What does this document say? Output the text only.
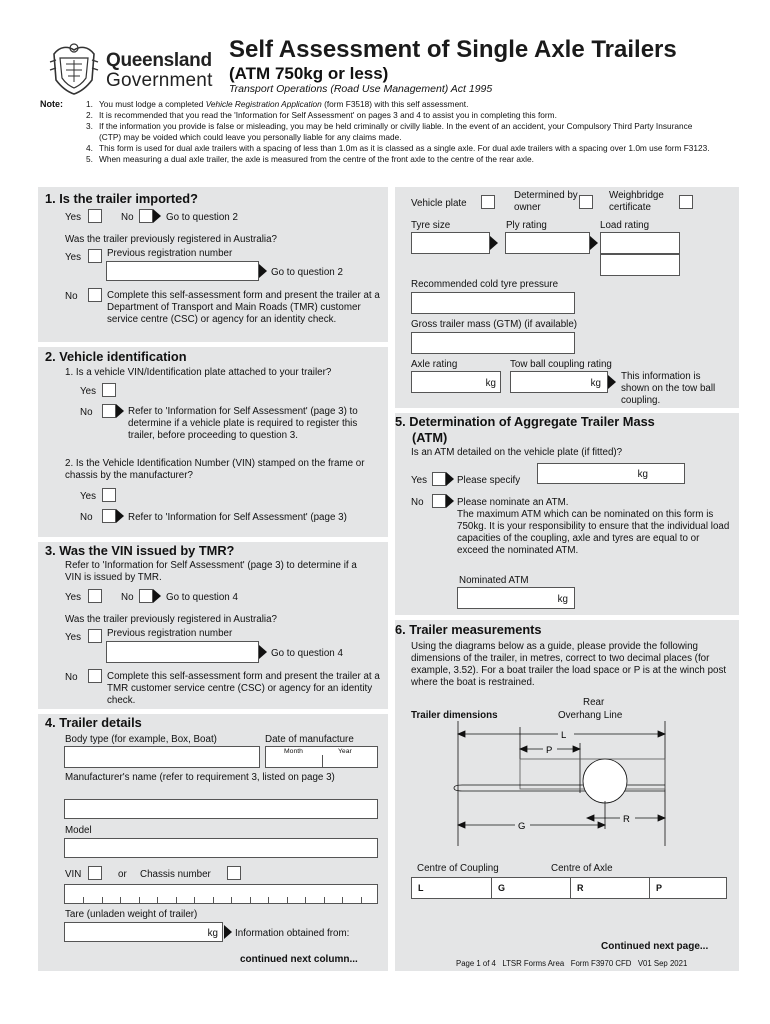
Queensland
Government
Self Assessment of Single Axle Trailers
(ATM 750kg or less)
Transport Operations (Road Use Management) Act 1995
Note:	1. You must lodge a completed Vehicle Registration Application (form F3518) with this self assessment.
2. It is recommended that you read the 'Information for Self Assessment' on pages 3 and 4 to assist you in completing this form.
3. If the information you provide is false or misleading, you may be held criminally or civilly liable. In the event of an accident, your Compulsory Third Party Insurance (CTP) may be voided which could leave you personally liable for any claims made.
4. This form is used for dual axle trailers with a spacing of less than 1.0m as it is classed as a single axle. For dual axle trailers with a spacing over 1.0m use form F3123.
5. When measuring a dual axle trailer, the axle is measured from the centre of the front axle to the centre of the rear axle.
1. Is the trailer imported?
Yes	No	Go to question 2
Was the trailer previously registered in Australia?
Yes	Previous registration number
Go to question 2
No	Complete this self-assessment form and present the trailer at a Department of Transport and Main Roads (TMR) customer service centre (CSC) or agency for an identity check.
2. Vehicle identification
1. Is a vehicle VIN/Identification plate attached to your trailer?
Yes
No	Refer to 'Information for Self Assessment' (page 3) to determine if a vehicle plate is required to register this trailer, before proceeding to question 3.
2. Is the Vehicle Identification Number (VIN) stamped on the frame or chassis by the manufacturer?
Yes
No	Refer to 'Information for Self Assessment' (page 3)
3. Was the VIN issued by TMR?
Refer to 'Information for Self Assessment' (page 3) to determine if a VIN is issued by TMR.
Yes	No	Go to question 4
Was the trailer previously registered in Australia?
Yes	Previous registration number
Go to question 4
No	Complete this self-assessment form and present the trailer at a TMR customer service centre (CSC) or agency for an identity check.
4. Trailer details
Body type (for example, Box, Boat)	Date of manufacture
Month	Year
Manufacturer's name (refer to requirement 3, listed on page 3)
Model
VIN	or Chassis number
Tare (unladen weight of trailer)
kg Information obtained from:
continued next column...
Vehicle plate
Determined by owner
Weighbridge certificate
Tyre size	Ply rating	Load rating
Recommended cold tyre pressure
Gross trailer mass (GTM) (if available)
Axle rating	Tow ball coupling rating
kg	kg
This information is shown on the tow ball coupling.
5. Determination of Aggregate Trailer Mass
(ATM)
Is an ATM detailed on the vehicle plate (if fitted)?
Yes	Please specify
kg
No	Please nominate an ATM.
The maximum ATM which can be nominated on this form is 750kg. It is your responsibility to ensure that the individual load capacities of the coupling, axle and tyres are equal to or exceed the nominated ATM.
Nominated ATM
kg
6. Trailer measurements
Using the diagrams below as a guide, please provide the following dimensions of the trailer, in metres, correct to two decimal places (for example, 3.52). For a boat trailer the load space or P is at the winch post where the boat is restrained.
Trailer dimensions
Rear
Overhang Line
L
P
G
R
Centre of Coupling	Centre of Axle
L	G	R	P
Continued next page...
Page 1 of 4 LTSR Forms Area Form F3970 CFD V01 Sep 2021
